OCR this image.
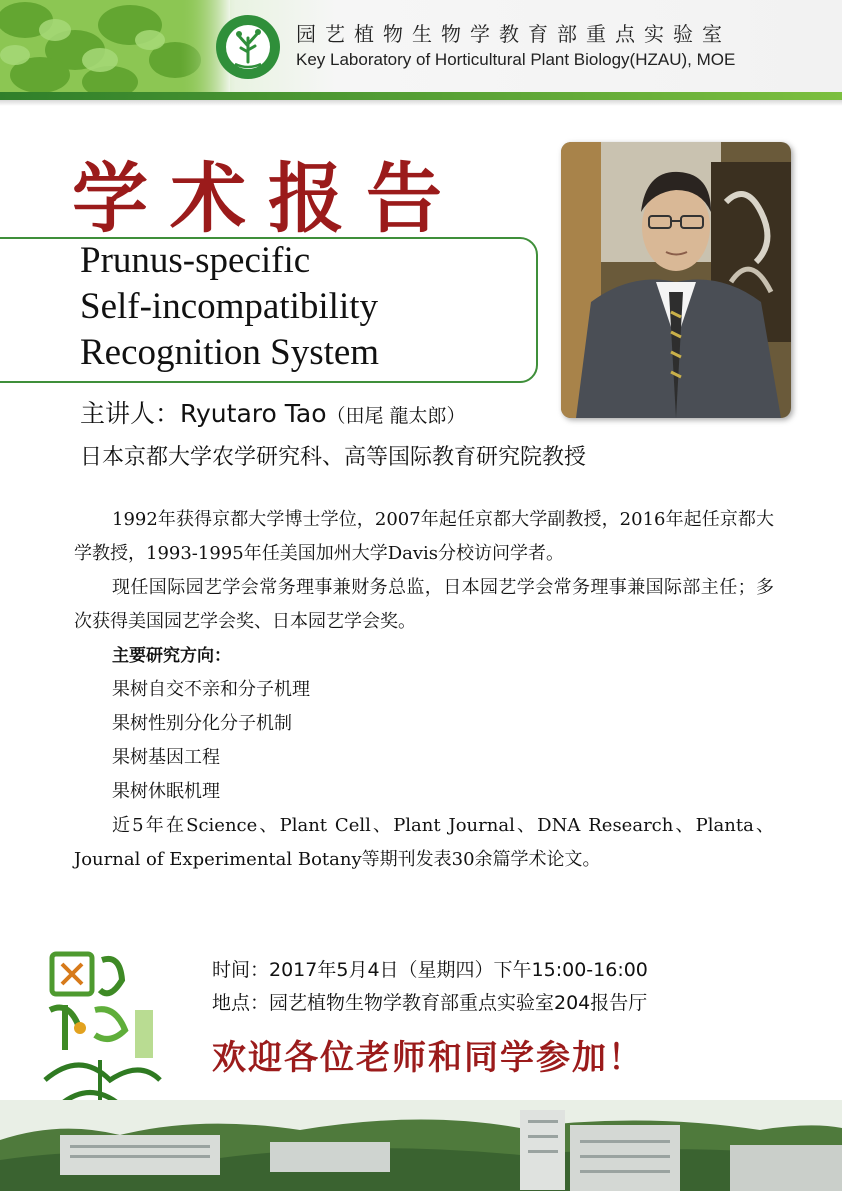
园艺植物生物学教育部重点实验室
Key Laboratory of Horticultural Plant Biology(HZAU), MOE
学术报告
Prunus-specific
Self-incompatibility
Recognition System
主讲人：Ryutaro Tao（田尾 龍太郎）
日本京都大学农学研究科、高等国际教育研究院教授

1992年获得京都大学博士学位，2007年起任京都大学副教授，2016年起任京都大学教授，1993-1995年任美国加州大学Davis分校访问学者。

现任国际园艺学会常务理事兼财务总监，日本园艺学会常务理事兼国际部主任；多次获得美国园艺学会奖、日本园艺学会奖。

主要研究方向：
果树自交不亲和分子机理
果树性别分化分子机制
果树基因工程
果树休眠机理

近5年在Science、Plant Cell、Plant Journal、DNA Research、Planta、Journal of Experimental Botany等期刊发表30余篇学术论文。

时间：2017年5月4日（星期四）下午15:00-16:00
地点：园艺植物生物学教育部重点实验室204报告厅
欢迎各位老师和同学参加！
